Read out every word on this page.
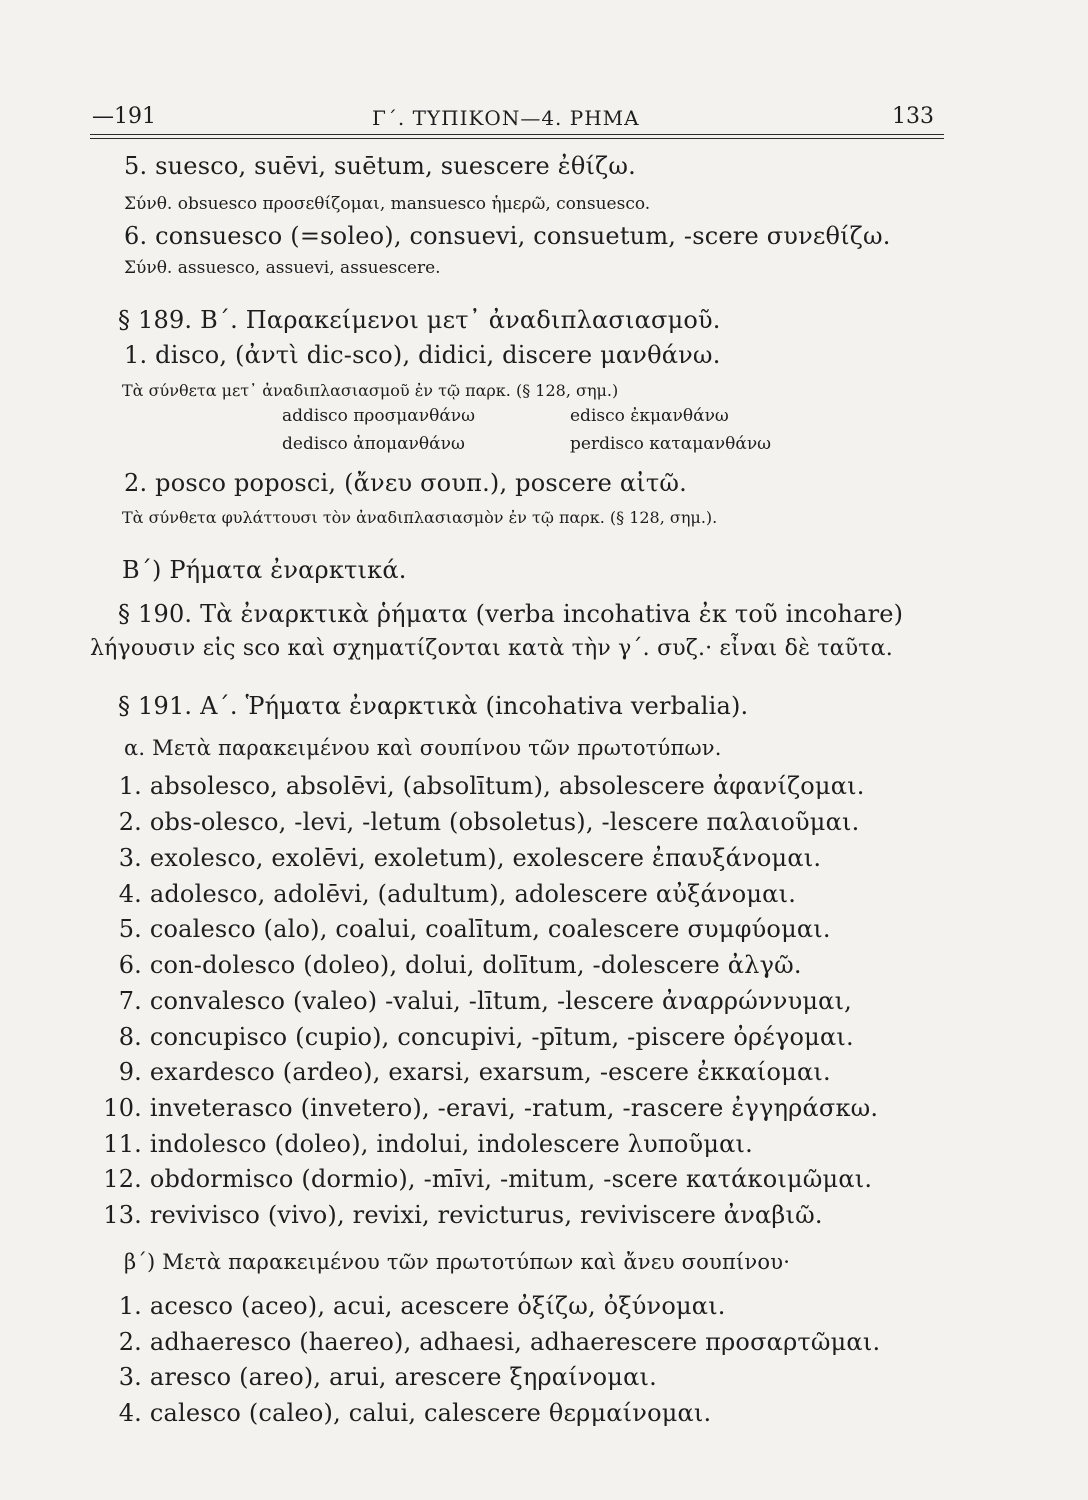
—191	Γ΄. ΤΥΠΙΚΟΝ—4. ΡΗΜΑ	133
5. suesco, suēvi, suētum, suescere ἐθίζω.
Σύνθ. obsuesco προσεθίζομαι, mansuesco ἡμερῶ, consuesco.
6. consuesco (=soleo), consuevi, consuetum, -scere συνεθίζω.
Σύνθ. assuesco, assuevi, assuescere.
§ 189. Β΄. Παρακείμενοι μετ᾽ ἀναδιπλασιασμοῦ.
1. disco, (ἀντὶ dic-sco), didici, discere μανθάνω.
Τὰ σύνθετα μετ᾽ ἀναδιπλασιασμοῦ ἐν τῷ παρκ. (§ 128, σημ.)
addisco προσμανθάνω	edisco ἐκμανθάνω
dedisco ἀπομανθάνω	perdisco καταμανθάνω
2. posco poposci, (ἄνευ σουπ.), poscere αἰτῶ.
Τὰ σύνθετα φυλάττουσι τὸν ἀναδιπλασιασμὸν ἐν τῷ παρκ. (§ 128, σημ.).
Β΄) Ρήματα ἐναρκτικά.
§ 190. Τὰ ἐναρκτικὰ ῥήματα (verba incohativa ἐκ τοῦ incohare)
λήγουσιν εἰς sco καὶ σχηματίζονται κατὰ τὴν γ΄. συζ.· εἶναι δὲ ταῦτα.
§ 191. Α΄. Ῥήματα ἐναρκτικὰ (incohativa verbalia).
α. Μετὰ παρακειμένου καὶ σουπίνου τῶν πρωτοτύπων.
1. absolesco, absolēvi, (absolītum), absolescere ἀφανίζομαι.
2. obs-olesco, -levi, -letum (obsoletus), -lescere παλαιοῦμαι.
3. exolesco, exolēvi, exoletum), exolescere ἐπαυξάνομαι.
4. adolesco, adolēvi, (adultum), adolescere αὐξάνομαι.
5. coalesco (alo), coalui, coalītum, coalescere συμφύομαι.
6. con-dolesco (doleo), dolui, dolītum, -dolescere ἀλγῶ.
7. convalesco (valeo) -valui, -lītum, -lescere ἀναρρώννυμαι,
8. concupisco (cupio), concupivi, -pītum, -piscere ὀρέγομαι.
9. exardesco (ardeo), exarsi, exarsum, -escere ἐκκαίομαι.
10. inveterasco (invetero), -eravi, -ratum, -rascere ἐγγηράσκω.
11. indolesco (doleo), indolui, indolescere λυποῦμαι.
12. obdormisco (dormio), -mīvi, -mitum, -scere κατάκοιμῶμαι.
13. revivisco (vivo), revixi, revicturus, reviviscere ἀναβιῶ.
β΄) Μετὰ παρακειμένου τῶν πρωτοτύπων καὶ ἄνευ σουπίνου·
1. acesco (aceo), acui, acescere ὀξίζω, ὀξύνομαι.
2. adhaeresco (haereo), adhaesi, adhaerescere προσαρτῶμαι.
3. aresco (areo), arui, arescere ξηραίνομαι.
4. calesco (caleo), calui, calescere θερμαίνομαι.
